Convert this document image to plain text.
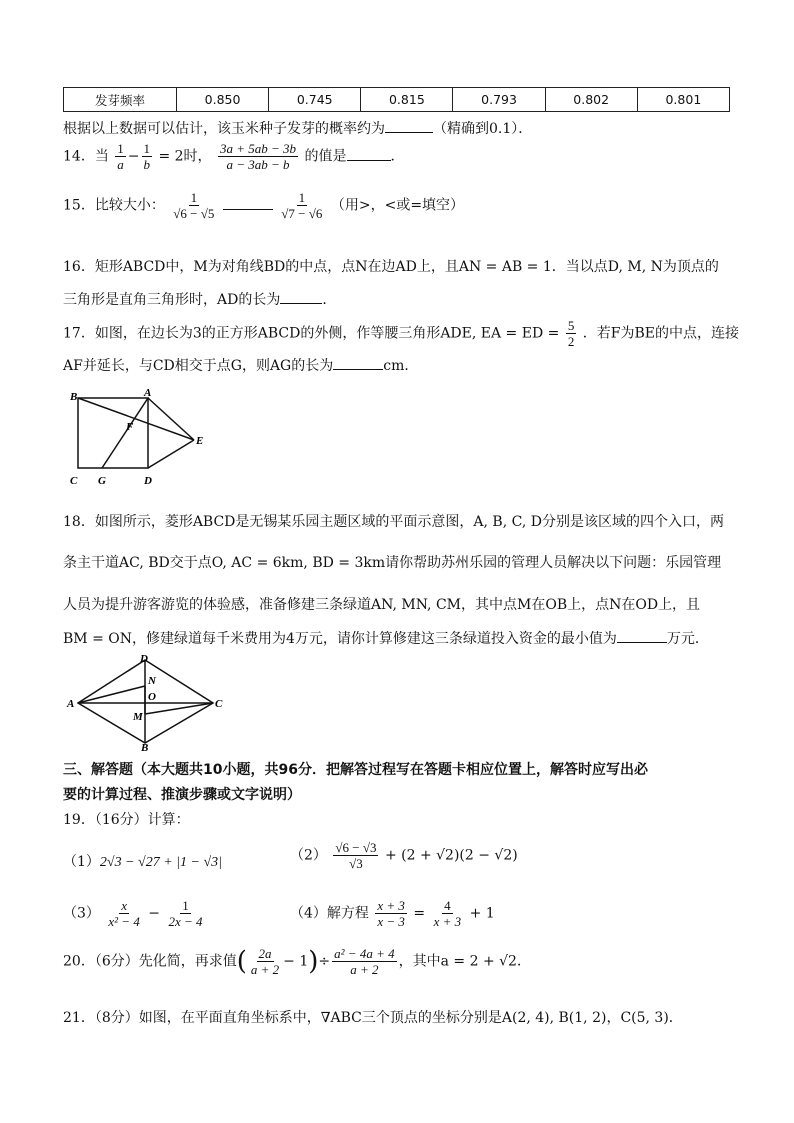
发芽频率	0.850	0.745	0.815	0.793	0.802	0.801
根据以上数据可以估计，该玉米种子发芽的概率约为	（精确到0.1）．
14．当 $\frac{1}{a} - \frac{1}{b} = 2$时， $\frac{3a + 5ab - 3b}{a - 3ab - b}$ 的值是	．
15．比较大小： $\frac{1}{√6 - √5}$
	$\frac{1}{√7 - √6}$ （用>，<或=填空）
16．矩形ABCD中，M为对角线BD的中点，点N在边AD上，且AN = AB = 1．当以点D, M, N为顶点的
三角形是直角三角形时，AD的长为	．
17．如图，在边长为3的正方形ABCD的外侧，作等腰三角形ADE, EA = ED = $\frac{5}{2}$ ．若F为BE的中点，连接
AF并延长，与CD相交于点G，则AG的长为	cm．
B	A
F
E
C G	D
18．如图所示，菱形ABCD是无锡某乐园主题区域的平面示意图，A, B, C, D分别是该区域的四个入口，两
条主干道AC, BD交于点O, AC = 6km, BD = 3km请你帮助苏州乐园的管理人员解决以下问题：乐园管理
人员为提升游客游览的体验感，准备修建三条绿道AN, MN, CM，其中点M在OB上，点N在OD上，且
BM = ON，修建绿道每千米费用为4万元，请你计算修建这三条绿道投入资金的最小值为	万元．
D
N
O
A	C
M
B
三、解答题（本大题共10小题，共96分．把解答过程写在答题卡相应位置上，解答时应写出必
要的计算过程、推演步骤或文字说明）
19．（16分）计算：
（1）2√3 − √27 + |1 − √3|	$(2) \frac{√6 - √3}{√3} + (2 + √2)(2 - √2)$
$(3) \frac{x}{\text{x² − 4}} - \frac{1}{2x - 4}$	（4）解方程 $\frac{x + 3}{x - 3} = \frac{4}{x + 3} + 1$
20．（6分）先化简，再求值( $\frac{2a}{a + 2} - 1)\div \frac{\text{a² − 4a + 4}}{a + 2}$ ，其中a = 2 + √2．
21．（8分）如图，在平面直角坐标系中，∇ABC三个顶点的坐标分别是A(2, 4), B(1, 2)，C(5, 3)．
